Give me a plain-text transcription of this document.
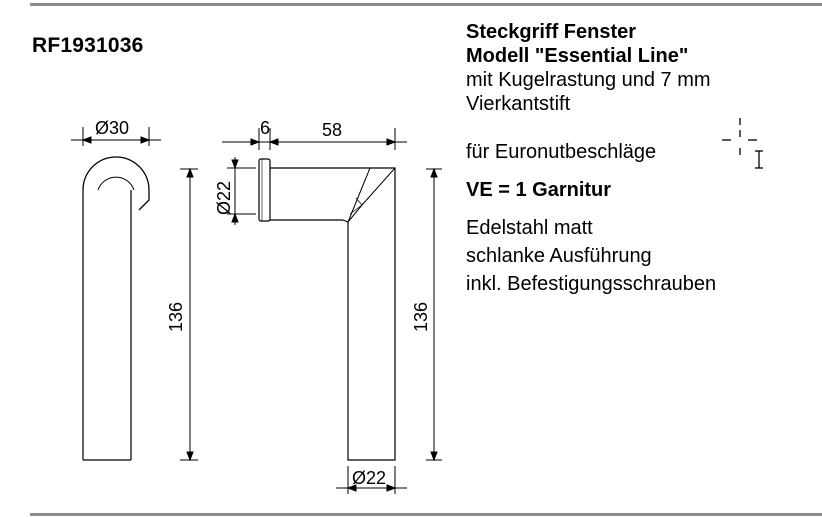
RF1931036
Ø30	6	58
Ø22
136	136
Ø22
Steckgriff Fenster
Modell "Essential Line"
mit Kugelrastung und 7 mm
Vierkantstift
für Euronutbeschläge
VE = 1 Garnitur
Edelstahl matt
schlanke Ausführung
inkl. Befestigungsschrauben
